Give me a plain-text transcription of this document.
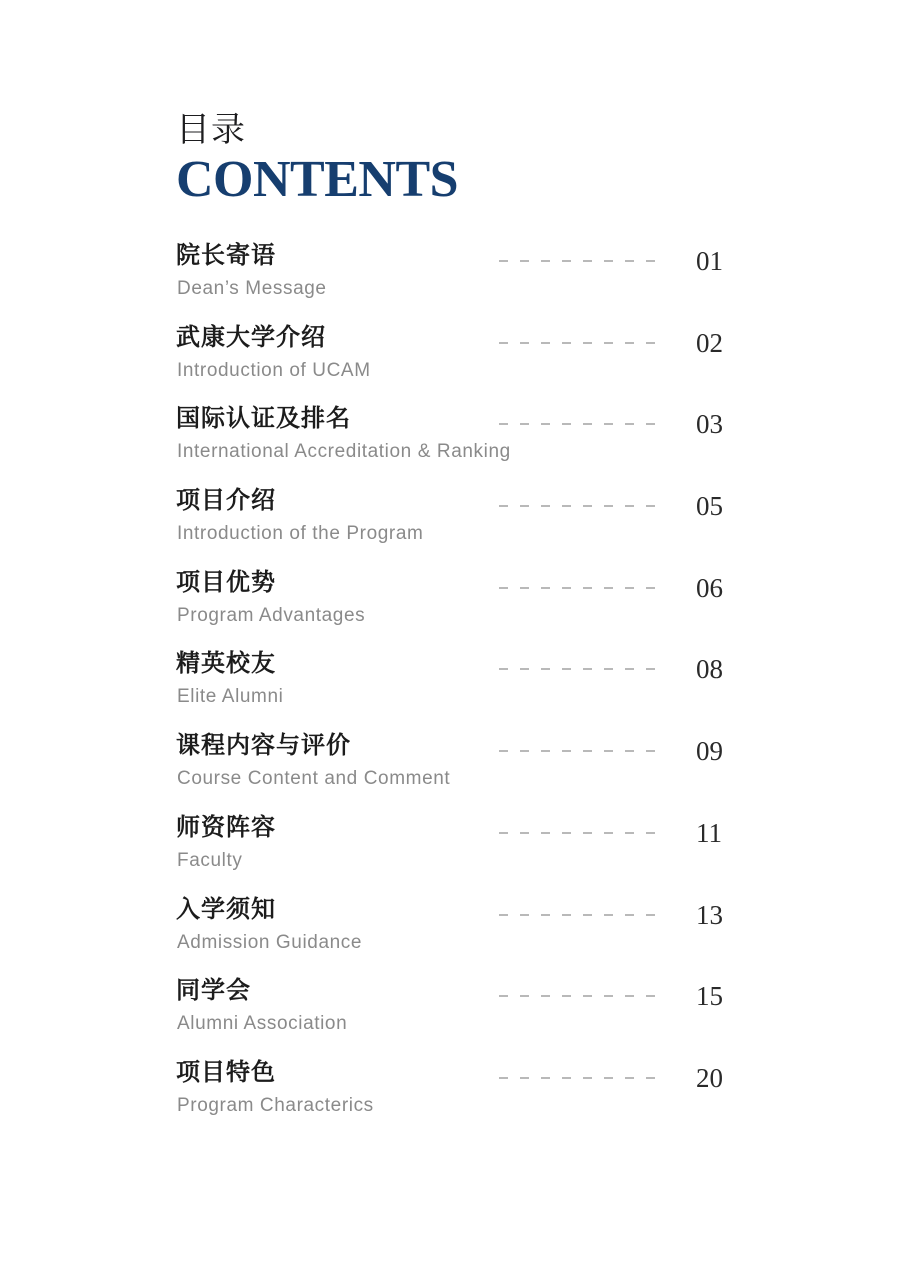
目录
CONTENTS
院长寄语
Dean’s Message
01
武康大学介绍
Introduction of UCAM
02
国际认证及排名
International Accreditation & Ranking
03
项目介绍
Introduction of the Program
05
项目优势
Program Advantages
06
精英校友
Elite Alumni
08
课程内容与评价
Course Content and Comment
09
师资阵容
Faculty
11
入学须知
Admission Guidance
13
同学会
Alumni Association
15
项目特色
Program Characterics
20
